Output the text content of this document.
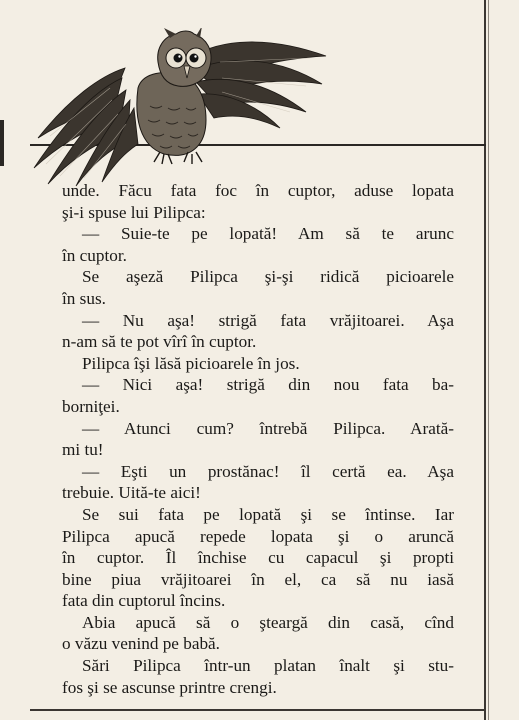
unde. Făcu fata foc în cuptor, aduse lopata
şi-i spuse lui Pilipca:
— Suie-te pe lopată! Am să te arunc
în cuptor.
Se aşeză Pilipca şi-şi ridică picioarele
în sus.
— Nu aşa! strigă fata vrăjitoarei. Aşa
n-am să te pot vîrî în cuptor.
Pilipca îşi lăsă picioarele în jos.
— Nici aşa! strigă din nou fata ba-
borniţei.
— Atunci cum? întrebă Pilipca. Arată-
mi tu!
— Eşti un prostănac! îl certă ea. Aşa
trebuie. Uită-te aici!
Se sui fata pe lopată şi se întinse. Iar
Pilipca apucă repede lopata şi o aruncă
în cuptor. Îl închise cu capacul şi propti
bine piua vrăjitoarei în el, ca să nu iasă
fata din cuptorul încins.
Abia apucă să o şteargă din casă, cînd
o văzu venind pe babă.
Sări Pilipca într-un platan înalt şi stu-
fos şi se ascunse printre crengi.
